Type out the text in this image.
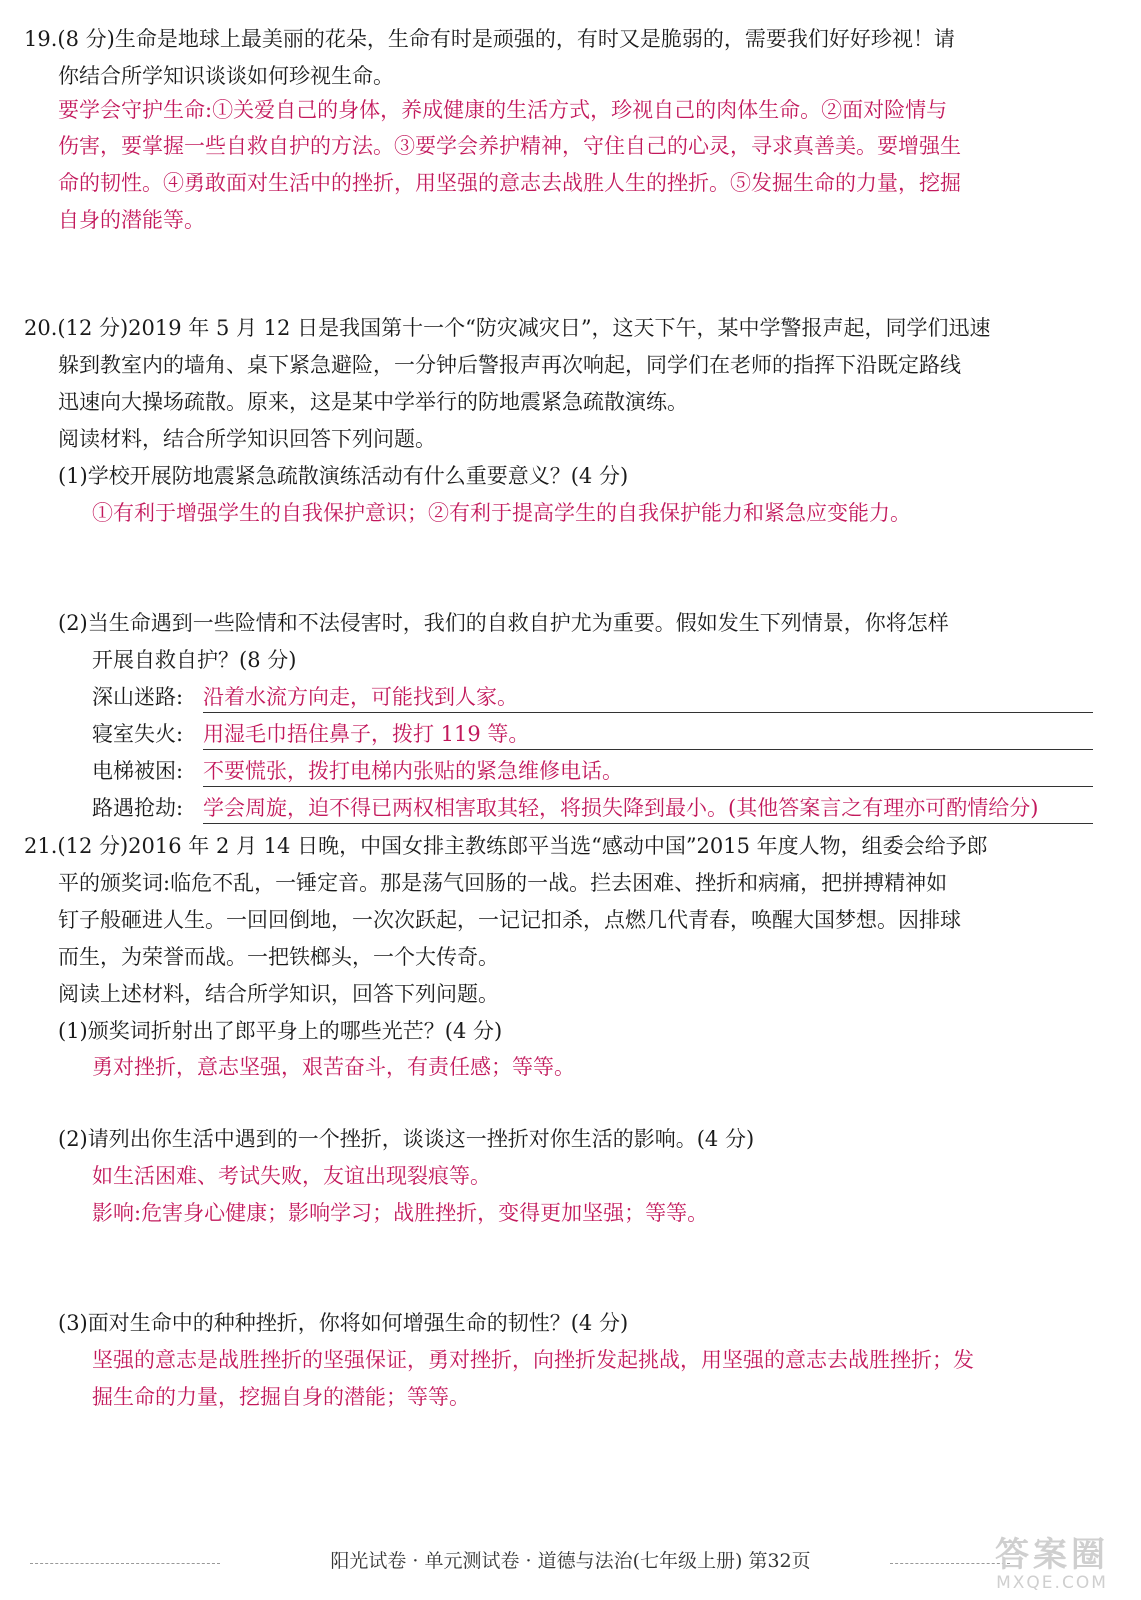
19.(8 分)生命是地球上最美丽的花朵，生命有时是顽强的，有时又是脆弱的，需要我们好好珍视！请

你结合所学知识谈谈如何珍视生命。

要学会守护生命:①关爱自己的身体，养成健康的生活方式，珍视自己的肉体生命。②面对险情与

伤害，要掌握一些自救自护的方法。③要学会养护精神，守住自己的心灵，寻求真善美。要增强生

命的韧性。④勇敢面对生活中的挫折，用坚强的意志去战胜人生的挫折。⑤发掘生命的力量，挖掘

自身的潜能等。

20.(12 分)2019 年 5 月 12 日是我国第十一个“防灾减灾日”，这天下午，某中学警报声起，同学们迅速

躲到教室内的墙角、桌下紧急避险，一分钟后警报声再次响起，同学们在老师的指挥下沿既定路线

迅速向大操场疏散。原来，这是某中学举行的防地震紧急疏散演练。

阅读材料，结合所学知识回答下列问题。

(1)学校开展防地震紧急疏散演练活动有什么重要意义？(4 分)

①有利于增强学生的自我保护意识；②有利于提高学生的自我保护能力和紧急应变能力。

(2)当生命遇到一些险情和不法侵害时，我们的自救自护尤为重要。假如发生下列情景，你将怎样

开展自救自护？(8 分)

深山迷路: 沿着水流方向走，可能找到人家。

寝室失火: 用湿毛巾捂住鼻子，拨打 119 等。

电梯被困: 不要慌张，拨打电梯内张贴的紧急维修电话。

路遇抢劫: 学会周旋，迫不得已两权相害取其轻，将损失降到最小。(其他答案言之有理亦可酌情给分)

21.(12 分)2016 年 2 月 14 日晚，中国女排主教练郎平当选“感动中国”2015 年度人物，组委会给予郎

平的颁奖词:临危不乱，一锤定音。那是荡气回肠的一战。拦去困难、挫折和病痛，把拼搏精神如

钉子般砸进人生。一回回倒地，一次次跃起，一记记扣杀，点燃几代青春，唤醒大国梦想。因排球

而生，为荣誉而战。一把铁榔头，一个大传奇。

阅读上述材料，结合所学知识，回答下列问题。

(1)颁奖词折射出了郎平身上的哪些光芒？(4 分)

勇对挫折，意志坚强，艰苦奋斗，有责任感；等等。

(2)请列出你生活中遇到的一个挫折，谈谈这一挫折对你生活的影响。(4 分)

如生活困难、考试失败，友谊出现裂痕等。

影响:危害身心健康；影响学习；战胜挫折，变得更加坚强；等等。

(3)面对生命中的种种挫折，你将如何增强生命的韧性？(4 分)

坚强的意志是战胜挫折的坚强保证，勇对挫折，向挫折发起挑战，用坚强的意志去战胜挫折；发

掘生命的力量，挖掘自身的潜能；等等。

阳光试卷 · 单元测试卷 · 道德与法治(七年级上册) 第32页	答案圈
MXQE.COM
